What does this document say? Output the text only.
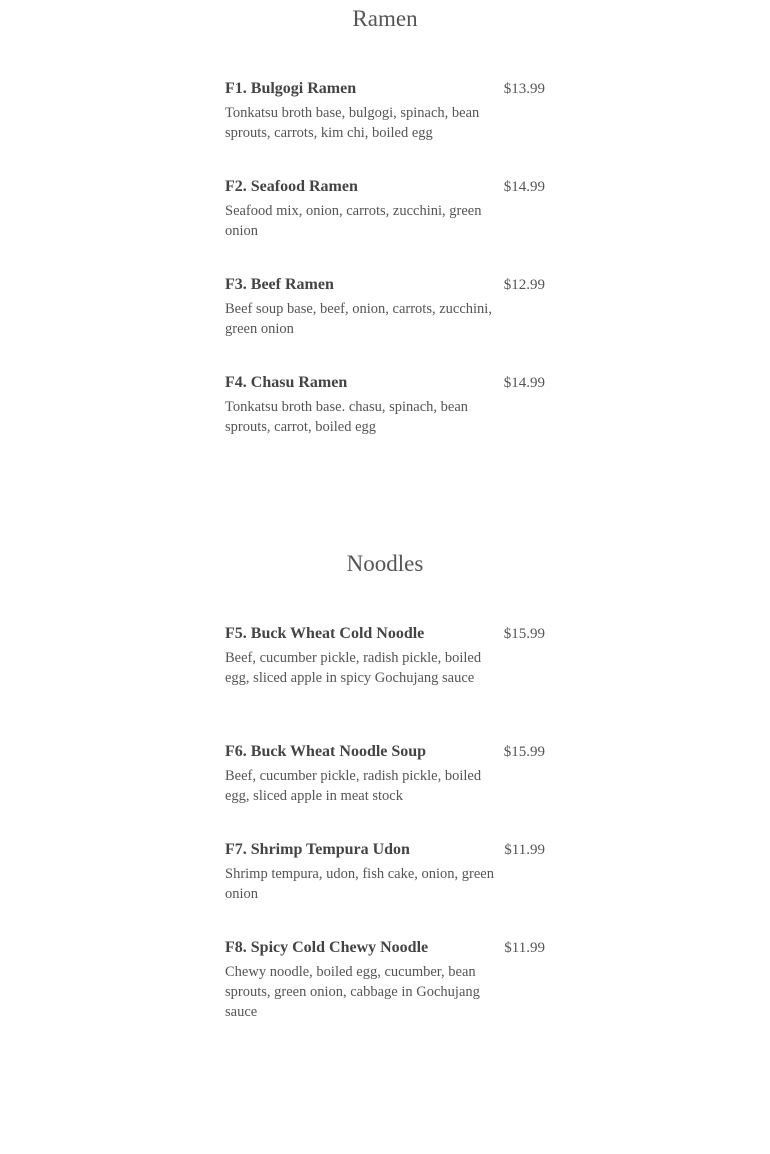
Ramen
F1. Bulgogi Ramen	$13.99
Tonkatsu broth base, bulgogi, spinach, bean sprouts, carrots, kim chi, boiled egg
F2. Seafood Ramen	$14.99
Seafood mix, onion, carrots, zucchini, green onion
F3. Beef Ramen	$12.99
Beef soup base, beef, onion, carrots, zucchini, green onion
F4. Chasu Ramen	$14.99
Tonkatsu broth base. chasu, spinach, bean sprouts, carrot, boiled egg
Noodles
F5. Buck Wheat Cold Noodle	$15.99
Beef, cucumber pickle, radish pickle, boiled egg, sliced apple in spicy Gochujang sauce
F6. Buck Wheat Noodle Soup	$15.99
Beef, cucumber pickle, radish pickle, boiled egg, sliced apple in meat stock
F7. Shrimp Tempura Udon	$11.99
Shrimp tempura, udon, fish cake, onion, green onion
F8. Spicy Cold Chewy Noodle	$11.99
Chewy noodle, boiled egg, cucumber, bean sprouts, green onion, cabbage in Gochujang sauce
